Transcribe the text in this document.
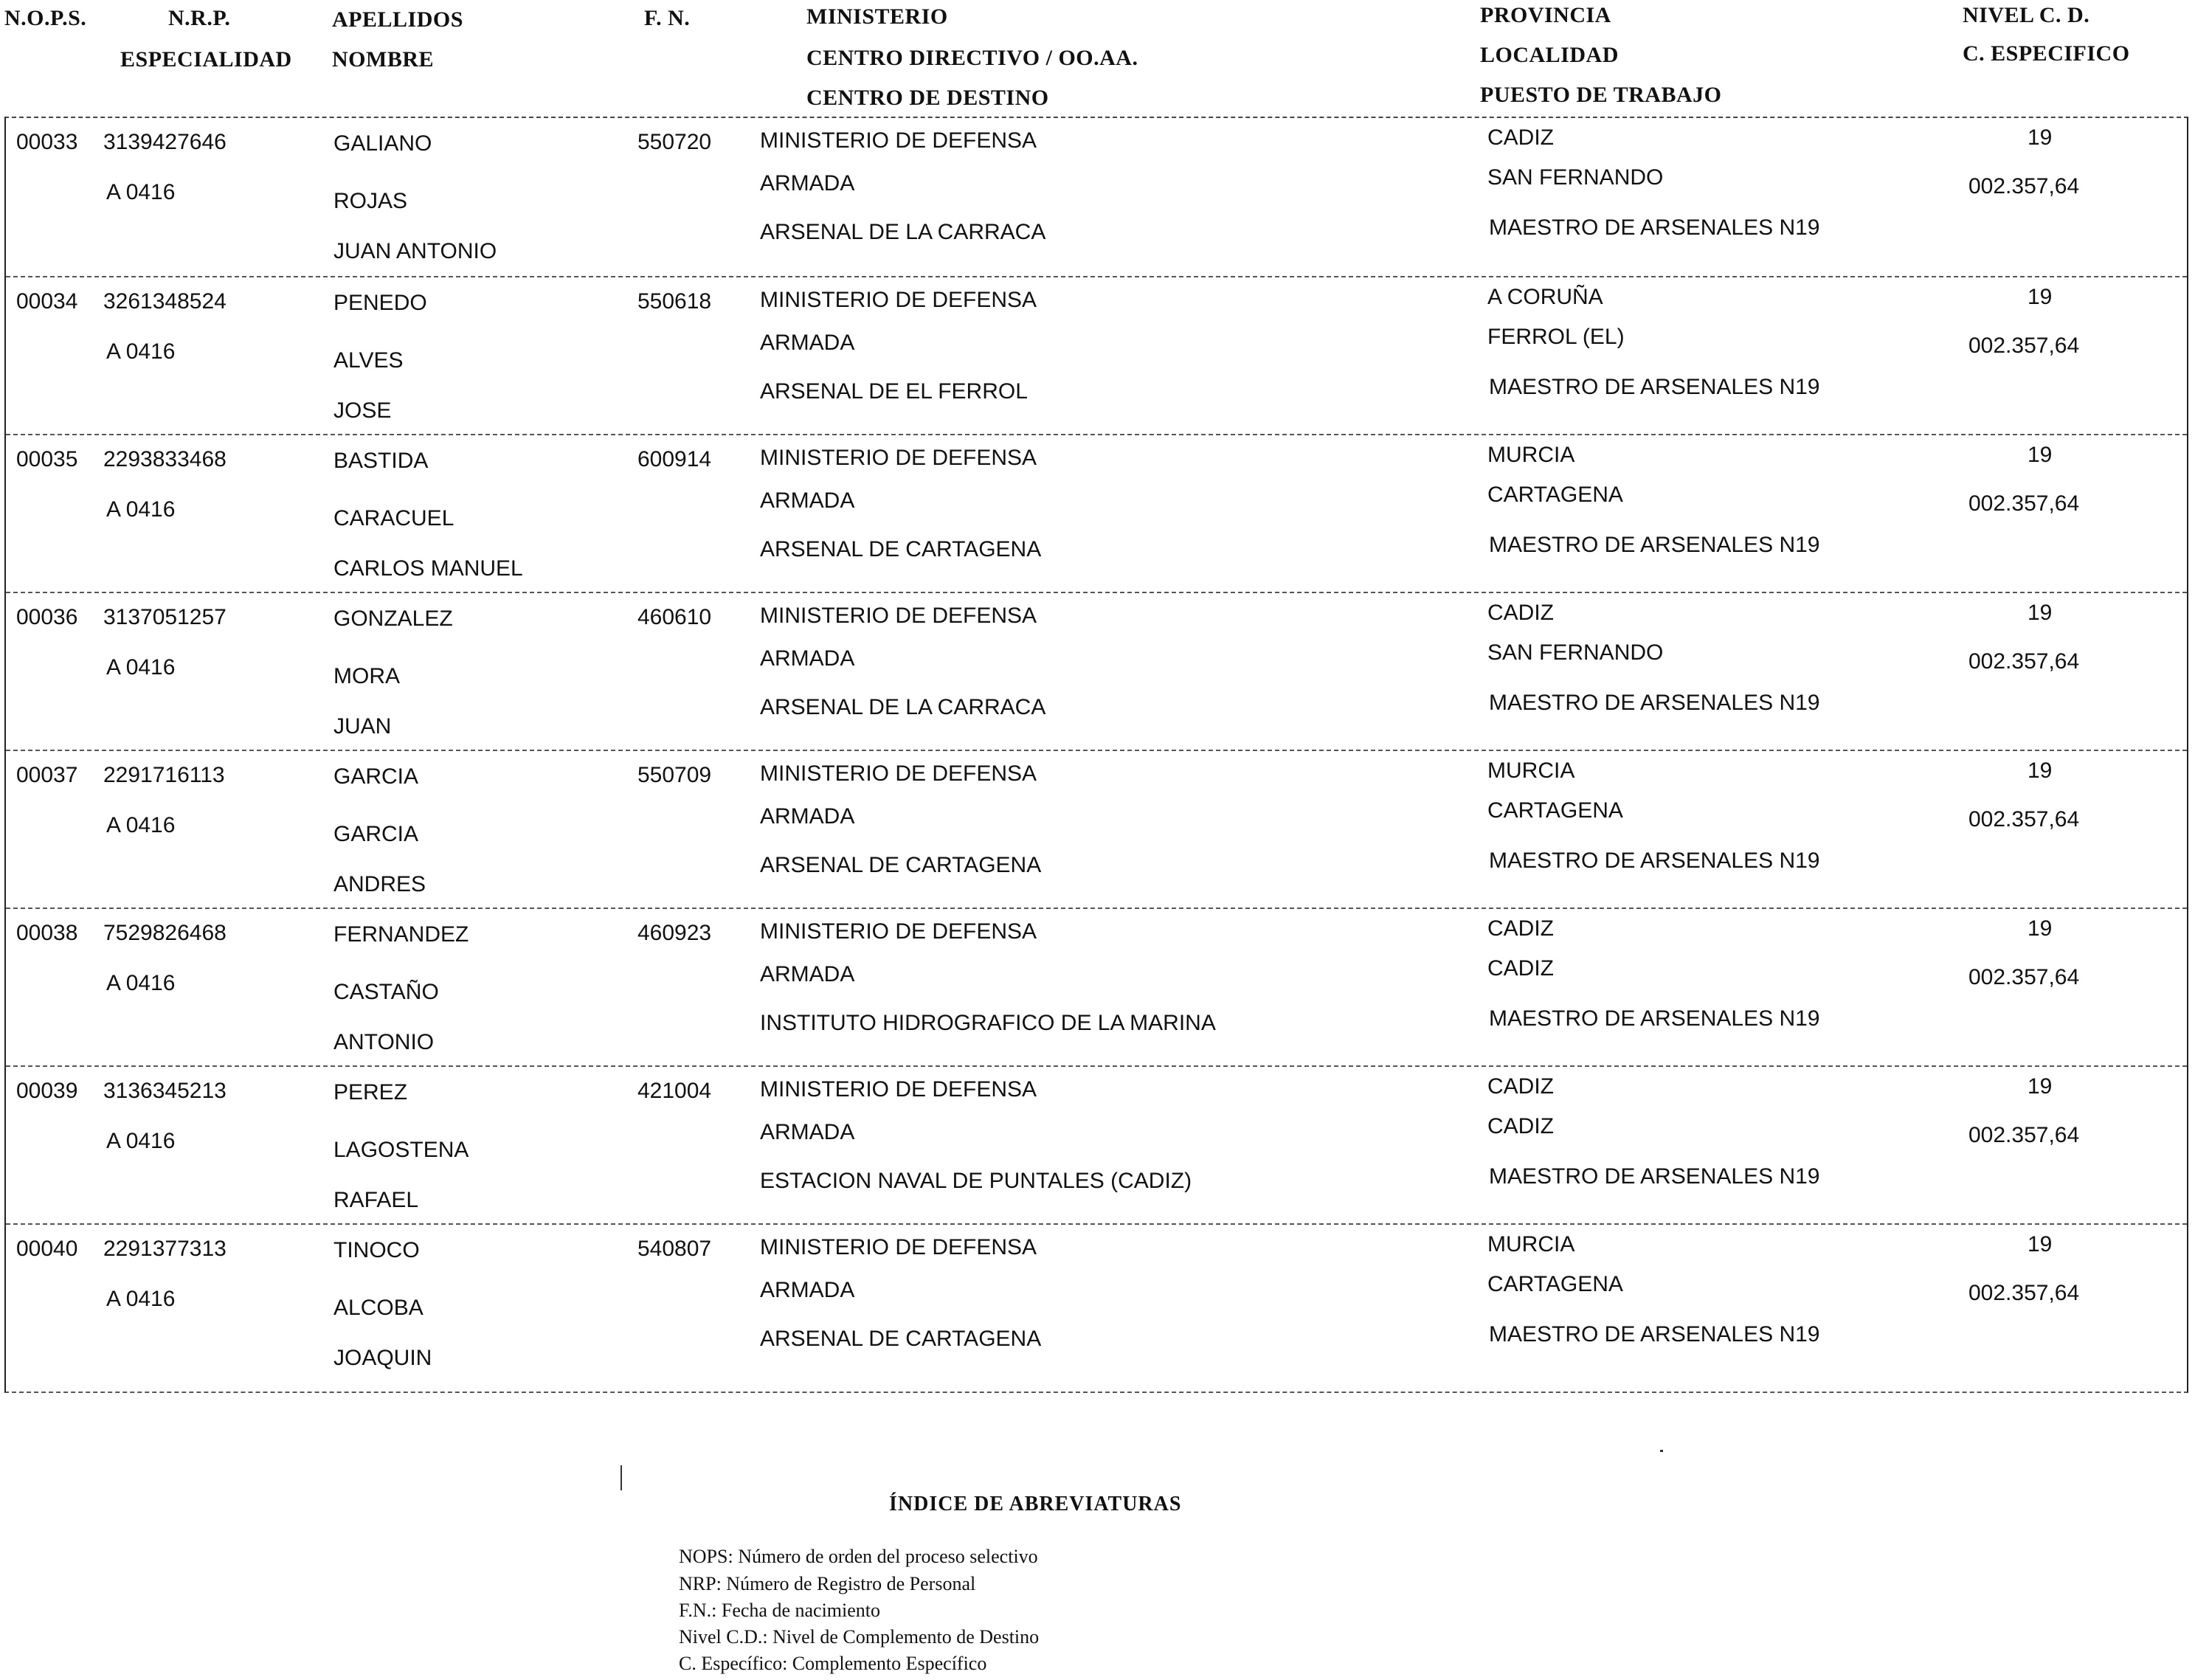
N.O.P.S.	N.R.P.
ESPECIALIDAD
APELLIDOS
NOMBRE
F. N.	MINISTERIO
CENTRO DIRECTIVO / OO.AA.
CENTRO DE DESTINO
PROVINCIA
LOCALIDAD
PUESTO DE TRABAJO
NIVEL C. D.
C. ESPECIFICO
00033 3139427646
A 0416
GALIANO
ROJAS
JUAN ANTONIO
550720 MINISTERIO DE DEFENSA
ARMADA
ARSENAL DE LA CARRACA
CADIZ
SAN FERNANDO
MAESTRO DE ARSENALES N19
19
002.357,64
00034 3261348524
A 0416
PENEDO
ALVES
JOSE
550618 MINISTERIO DE DEFENSA
ARMADA
ARSENAL DE EL FERROL
A CORUÑA
FERROL (EL)
MAESTRO DE ARSENALES N19
19
002.357,64
00035 2293833468
A 0416
BASTIDA
CARACUEL
CARLOS MANUEL
600914 MINISTERIO DE DEFENSA
ARMADA
ARSENAL DE CARTAGENA
MURCIA
CARTAGENA
MAESTRO DE ARSENALES N19
19
002.357,64
00036 3137051257
A 0416
GONZALEZ
MORA
JUAN
460610 MINISTERIO DE DEFENSA
ARMADA
ARSENAL DE LA CARRACA
CADIZ
SAN FERNANDO
MAESTRO DE ARSENALES N19
19
002.357,64
00037 2291716113
A 0416
GARCIA
GARCIA
ANDRES
550709 MINISTERIO DE DEFENSA
ARMADA
ARSENAL DE CARTAGENA
MURCIA
CARTAGENA
MAESTRO DE ARSENALES N19
19
002.357,64
00038 7529826468
A 0416
FERNANDEZ
CASTAÑO
ANTONIO
460923 MINISTERIO DE DEFENSA
ARMADA
INSTITUTO HIDROGRAFICO DE LA MARINA
CADIZ
CADIZ
MAESTRO DE ARSENALES N19
19
002.357,64
00039 3136345213
A 0416
PEREZ
LAGOSTENA
RAFAEL
421004 MINISTERIO DE DEFENSA
ARMADA
ESTACION NAVAL DE PUNTALES (CADIZ)
CADIZ
CADIZ
MAESTRO DE ARSENALES N19
19
002.357,64
00040 2291377313
A 0416
TINOCO
ALCOBA
JOAQUIN
540807 MINISTERIO DE DEFENSA
ARMADA
ARSENAL DE CARTAGENA
MURCIA
CARTAGENA
MAESTRO DE ARSENALES N19
19
002.357,64
ÍNDICE DE ABREVIATURAS
NOPS: Número de orden del proceso selectivo
NRP: Número de Registro de Personal
F.N.: Fecha de nacimiento
Nivel C.D.: Nivel de Complemento de Destino
C. Específico: Complemento Específico
